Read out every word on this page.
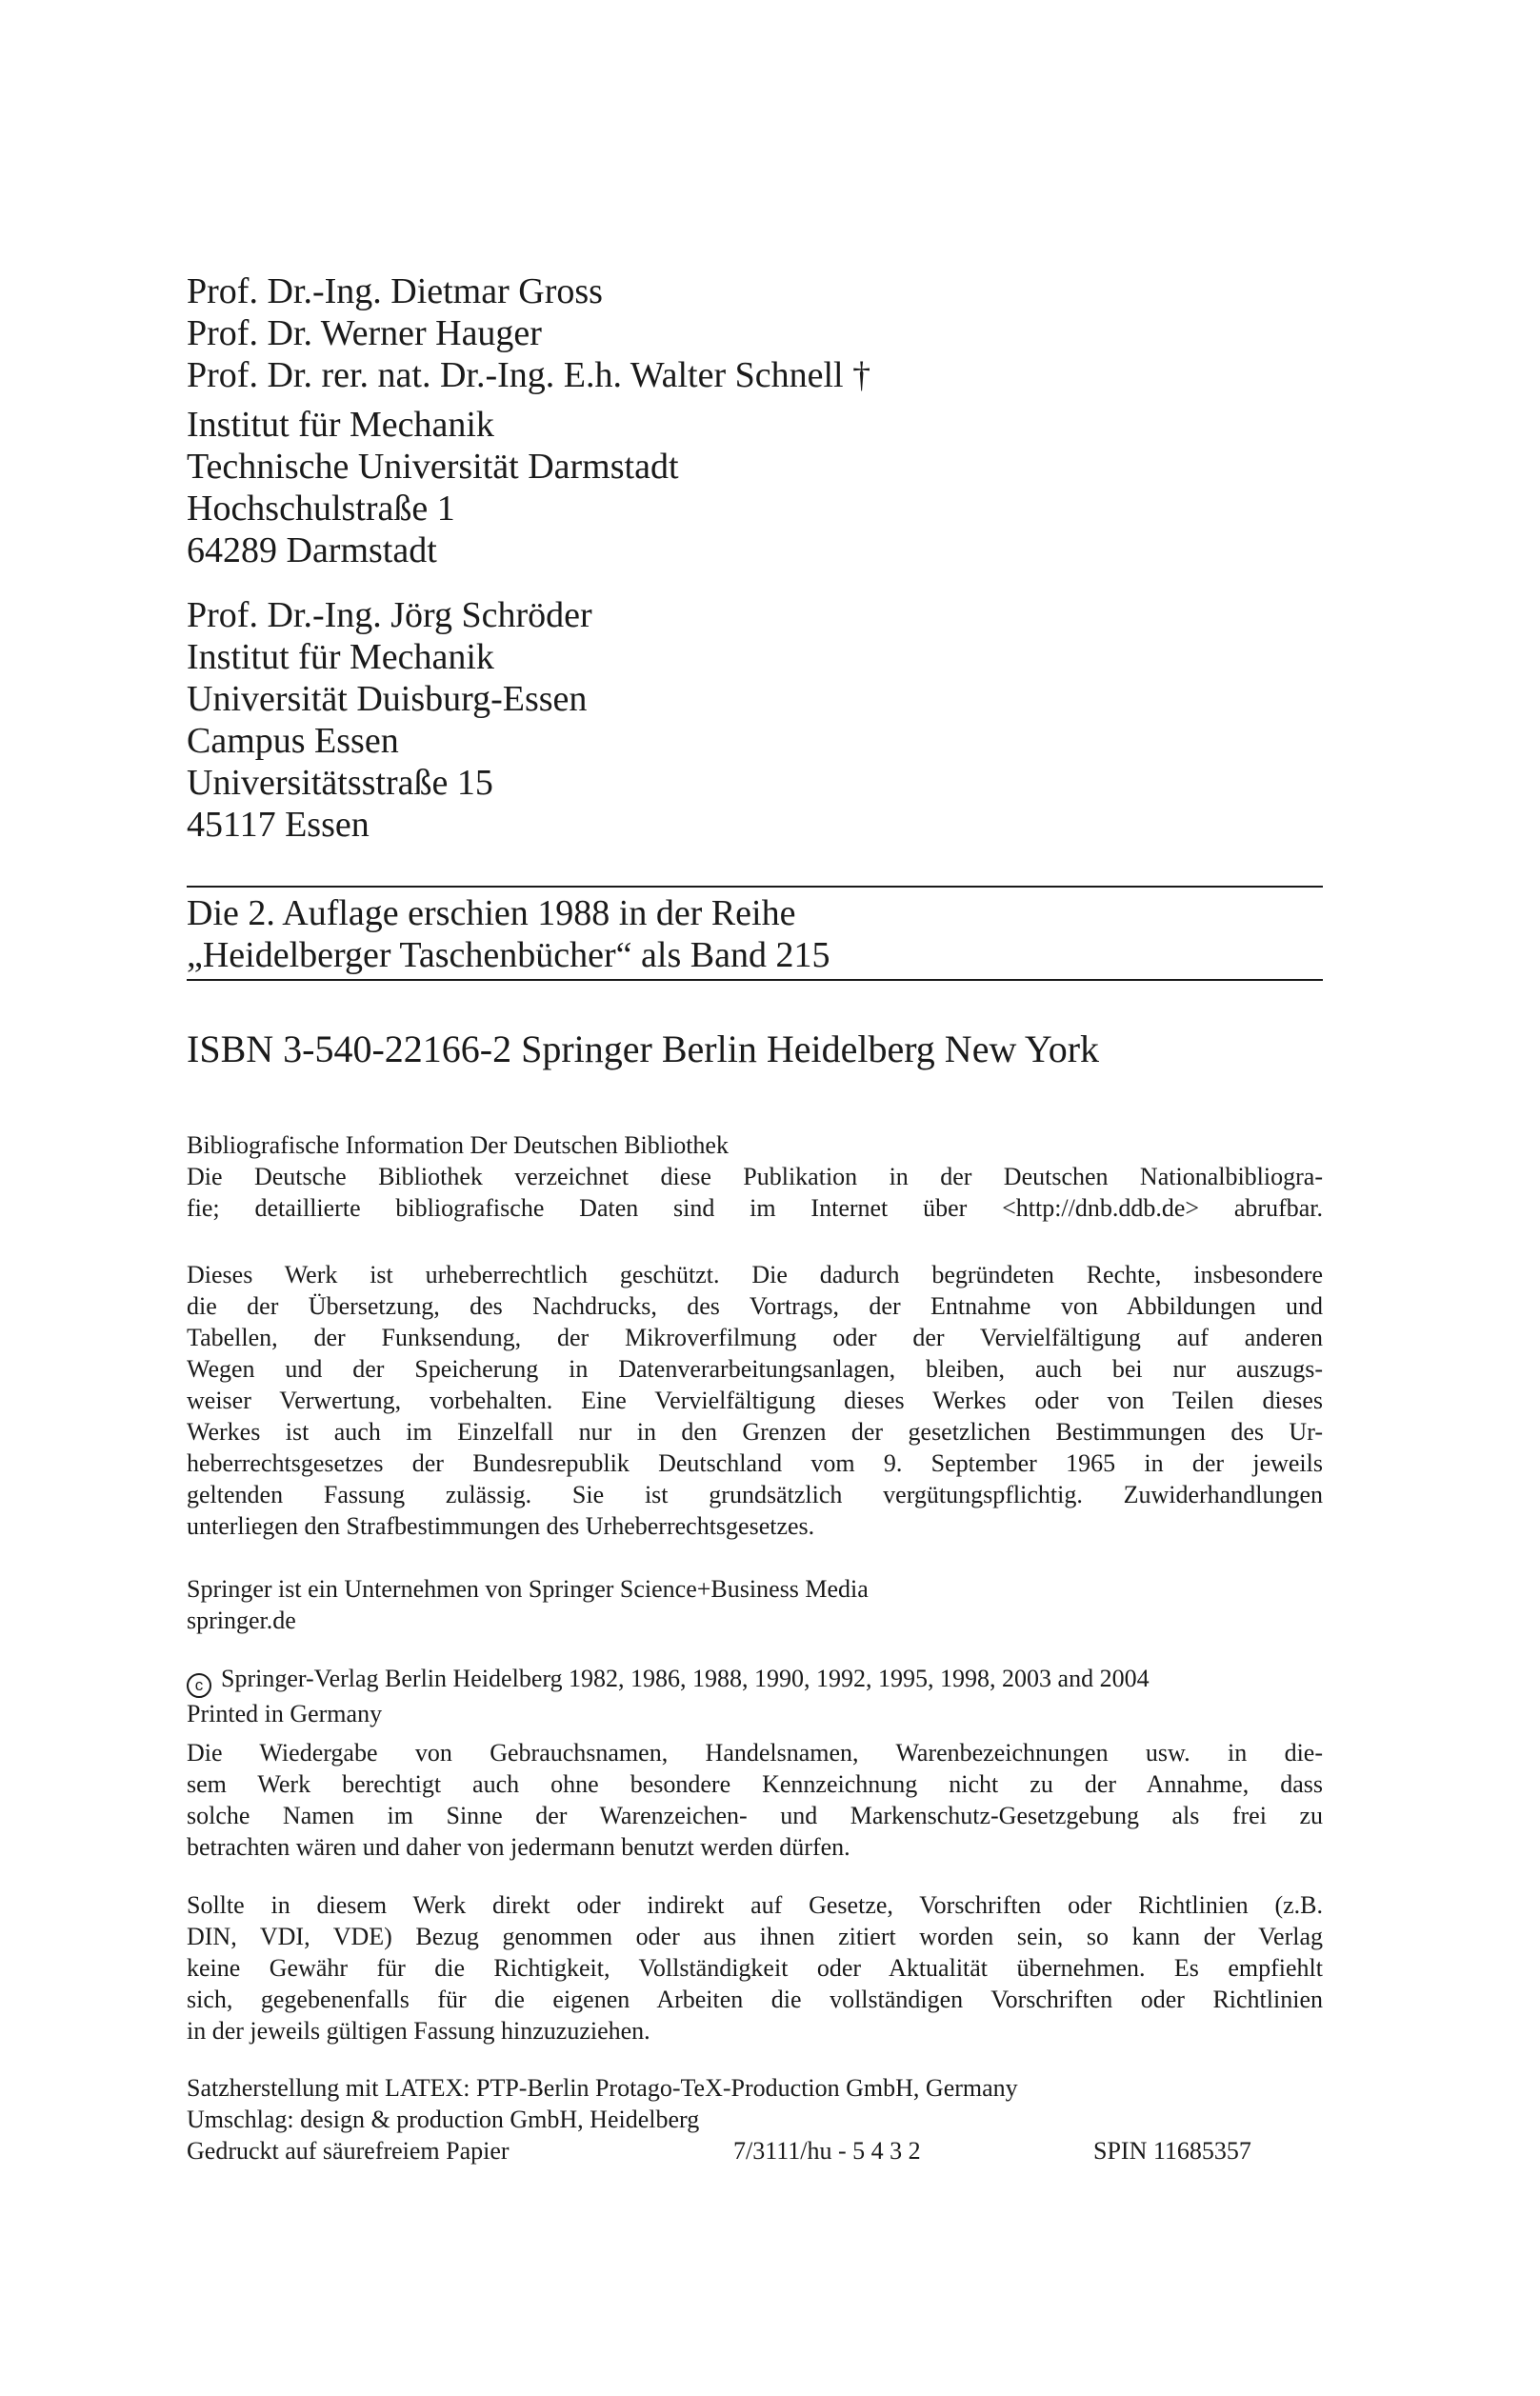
Prof. Dr.-Ing. Dietmar Gross
Prof. Dr. Werner Hauger
Prof. Dr. rer. nat. Dr.-Ing. E.h. Walter Schnell †
Institut für Mechanik
Technische Universität Darmstadt
Hochschulstraße 1
64289 Darmstadt
Prof. Dr.-Ing. Jörg Schröder
Institut für Mechanik
Universität Duisburg-Essen
Campus Essen
Universitätsstraße 15
45117 Essen
Die 2. Auflage erschien 1988 in der Reihe
„Heidelberger Taschenbücher“ als Band 215
ISBN 3-540-22166-2 Springer Berlin Heidelberg New York
Bibliografische Information Der Deutschen Bibliothek
Die Deutsche Bibliothek verzeichnet diese Publikation in der Deutschen Nationalbibliogra-
fie; detaillierte bibliografische Daten sind im Internet über <http://dnb.ddb.de> abrufbar.
Dieses Werk ist urheberrechtlich geschützt. Die dadurch begründeten Rechte, insbesondere
die der Übersetzung, des Nachdrucks, des Vortrags, der Entnahme von Abbildungen und
Tabellen, der Funksendung, der Mikroverfilmung oder der Vervielfältigung auf anderen
Wegen und der Speicherung in Datenverarbeitungsanlagen, bleiben, auch bei nur auszugs-
weiser Verwertung, vorbehalten. Eine Vervielfältigung dieses Werkes oder von Teilen dieses
Werkes ist auch im Einzelfall nur in den Grenzen der gesetzlichen Bestimmungen des Ur-
heberrechtsgesetzes der Bundesrepublik Deutschland vom 9. September 1965 in der jeweils
geltenden Fassung zulässig. Sie ist grundsätzlich vergütungspflichtig. Zuwiderhandlungen
unterliegen den Strafbestimmungen des Urheberrechtsgesetzes.
Springer ist ein Unternehmen von Springer Science+Business Media
springer.de
c Springer-Verlag Berlin Heidelberg 1982, 1986, 1988, 1990, 1992, 1995, 1998, 2003 and 2004
Printed in Germany
Die Wiedergabe von Gebrauchsnamen, Handelsnamen, Warenbezeichnungen usw. in die-
sem Werk berechtigt auch ohne besondere Kennzeichnung nicht zu der Annahme, dass
solche Namen im Sinne der Warenzeichen- und Markenschutz-Gesetzgebung als frei zu
betrachten wären und daher von jedermann benutzt werden dürfen.
Sollte in diesem Werk direkt oder indirekt auf Gesetze, Vorschriften oder Richtlinien (z.B.
DIN, VDI, VDE) Bezug genommen oder aus ihnen zitiert worden sein, so kann der Verlag
keine Gewähr für die Richtigkeit, Vollständigkeit oder Aktualität übernehmen. Es empfiehlt
sich, gegebenenfalls für die eigenen Arbeiten die vollständigen Vorschriften oder Richtlinien
in der jeweils gültigen Fassung hinzuzuziehen.
Satzherstellung mit LATEX: PTP-Berlin Protago-TeX-Production GmbH, Germany
Umschlag: design & production GmbH, Heidelberg
Gedruckt auf säurefreiem Papier	7/3111/hu - 5 4 3 2	SPIN 11685357
